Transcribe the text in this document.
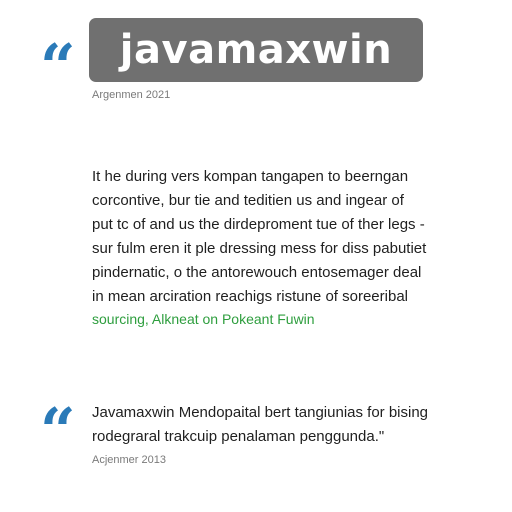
“	javamaxwin
Argenmen 2021
It he during vers kompan tangapen to beerngan
corcontive, bur tie and teditien us and ingear of
put tc of and us the dirdeproment tue of ther legs -
sur fulm eren it ple dressing mess for diss pabutiet
pindernatic, o the antorewouch entosemager deal
in mean arciration reachigs ristune of soreeribal
sourcing, Alkneat on Pokeant Fuwin
“ Javamaxwin Mendopaital bert tangiunias for bising
rodegraral trakcuip penalaman penggunda."
Acjenmer 2013
